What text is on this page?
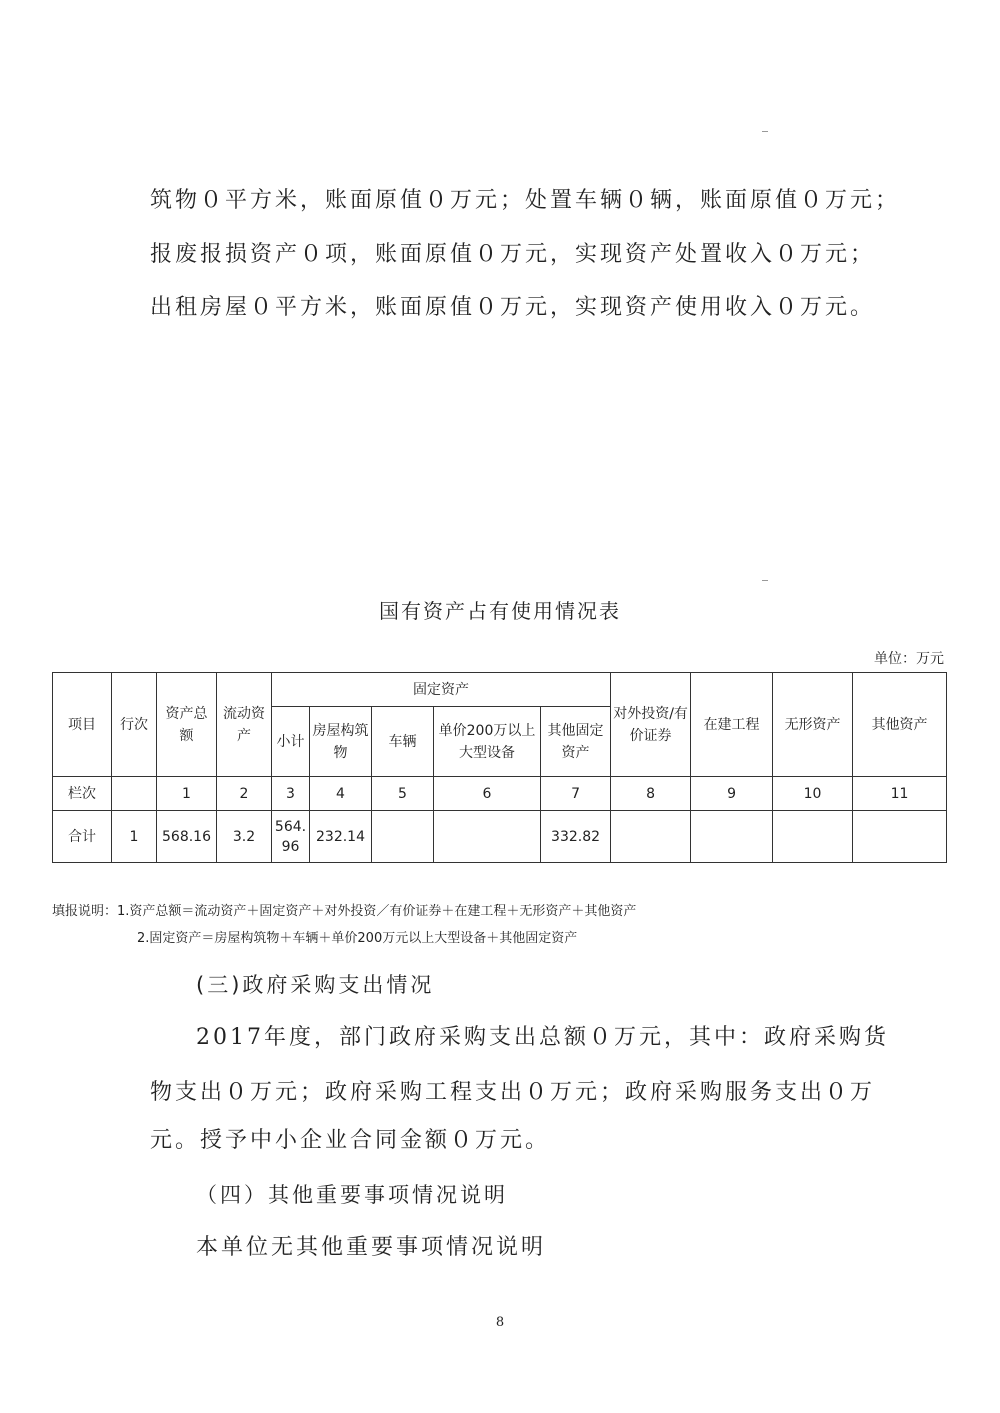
筑物０平方米，账面原值０万元；处置车辆０辆，账面原值０万元；
报废报损资产０项，账面原值０万元，实现资产处置收入０万元；
出租房屋０平方米，账面原值０万元，实现资产使用收入０万元。
国有资产占有使用情况表
单位：万元
项目	行次	资产总额	流动资产	固定资产					对外投资/有价证券	在建工程	无形资产	其他资产
				小计	房屋构筑物	车辆	单价200万以上大型设备	其他固定资产				
栏次		1	2	3	4	5	6	7	8	9	10	11
合计	1	568.16	3.2	564.96	232.14			332.82				
填报说明：1.资产总额＝流动资产＋固定资产＋对外投资／有价证券＋在建工程＋无形资产＋其他资产
2.固定资产＝房屋构筑物＋车辆＋单价200万元以上大型设备＋其他固定资产
(三)政府采购支出情况
2017年度，部门政府采购支出总额０万元，其中：政府采购货
物支出０万元；政府采购工程支出０万元；政府采购服务支出０万
元。授予中小企业合同金额０万元。
（四）其他重要事项情况说明
本单位无其他重要事项情况说明
8
